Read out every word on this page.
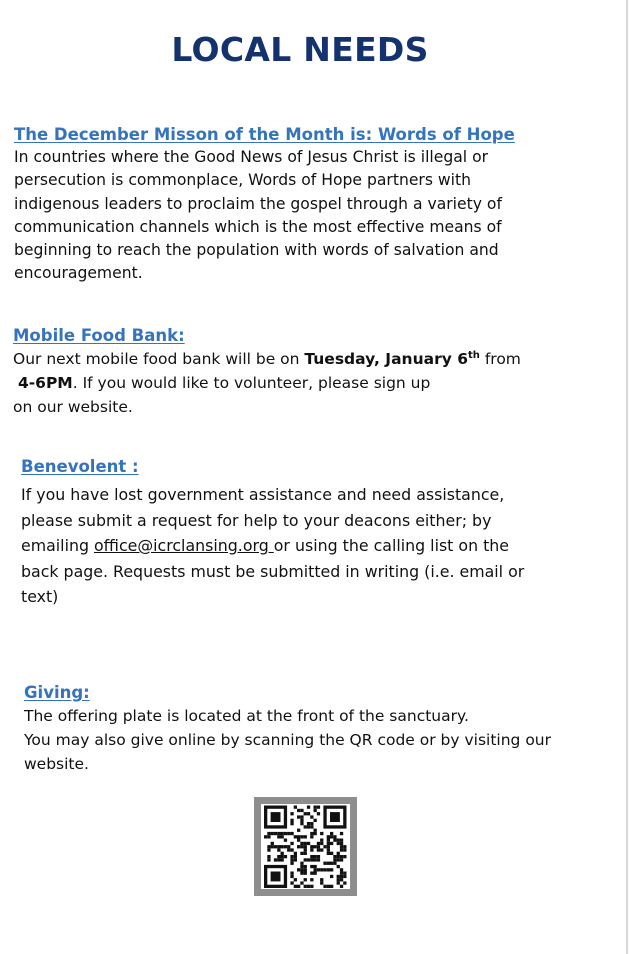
LOCAL NEEDS
The December Misson of the Month is: Words of Hope
In countries where the Good News of Jesus Christ is illegal or
persecution is commonplace, Words of Hope partners with
indigenous leaders to proclaim the gospel through a variety of
communication channels which is the most effective means of
beginning to reach the population with words of salvation and
encouragement.
Mobile Food Bank:
Our next mobile food bank will be on Tuesday, January 6th from
4-6PM. If you would like to volunteer, please sign up
on our website.
Benevolent :
If you have lost government assistance and need assistance,
please submit a request for help to your deacons either; by
emailing office@icrclansing.org or using the calling list on the
back page. Requests must be submitted in writing (i.e. email or
text)
Giving:
The offering plate is located at the front of the sanctuary.
You may also give online by scanning the QR code or by visiting our
website.
